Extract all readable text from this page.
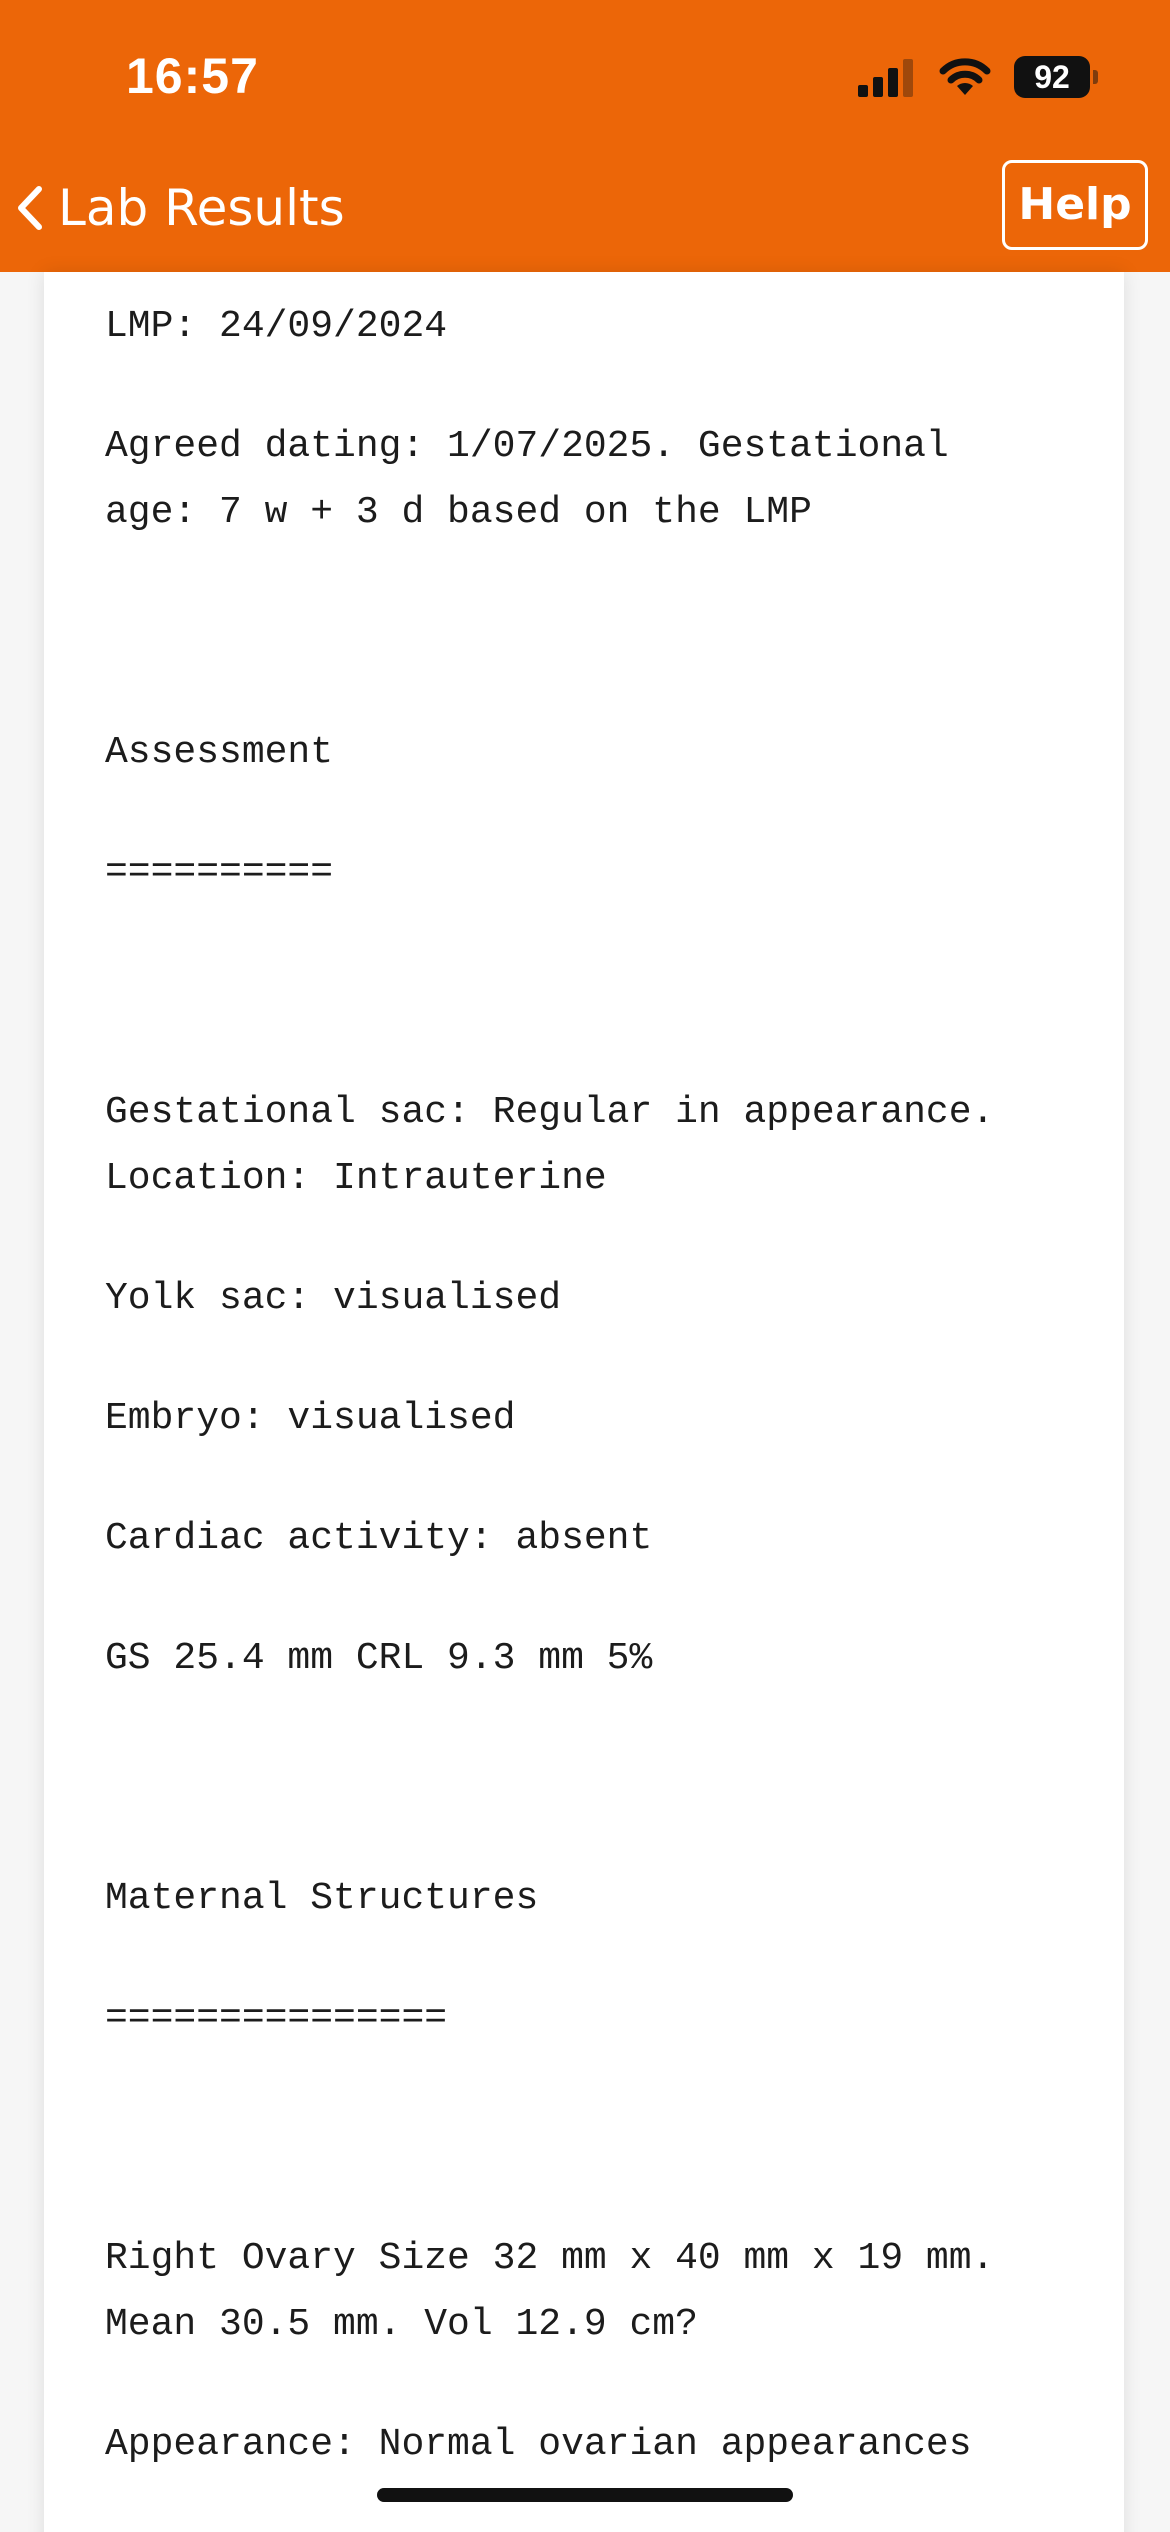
16:57	92
Lab Results	Help
LMP: 24/09/2024
Agreed dating: 1/07/2025. Gestational
age: 7 w + 3 d based on the LMP
Assessment
==========
Gestational sac: Regular in appearance.
Location: Intrauterine
Yolk sac: visualised
Embryo: visualised
Cardiac activity: absent
GS 25.4 mm CRL 9.3 mm 5%
Maternal Structures
===============
Right Ovary Size 32 mm x 40 mm x 19 mm.
Mean 30.5 mm. Vol 12.9 cm?
Appearance: Normal ovarian appearances
